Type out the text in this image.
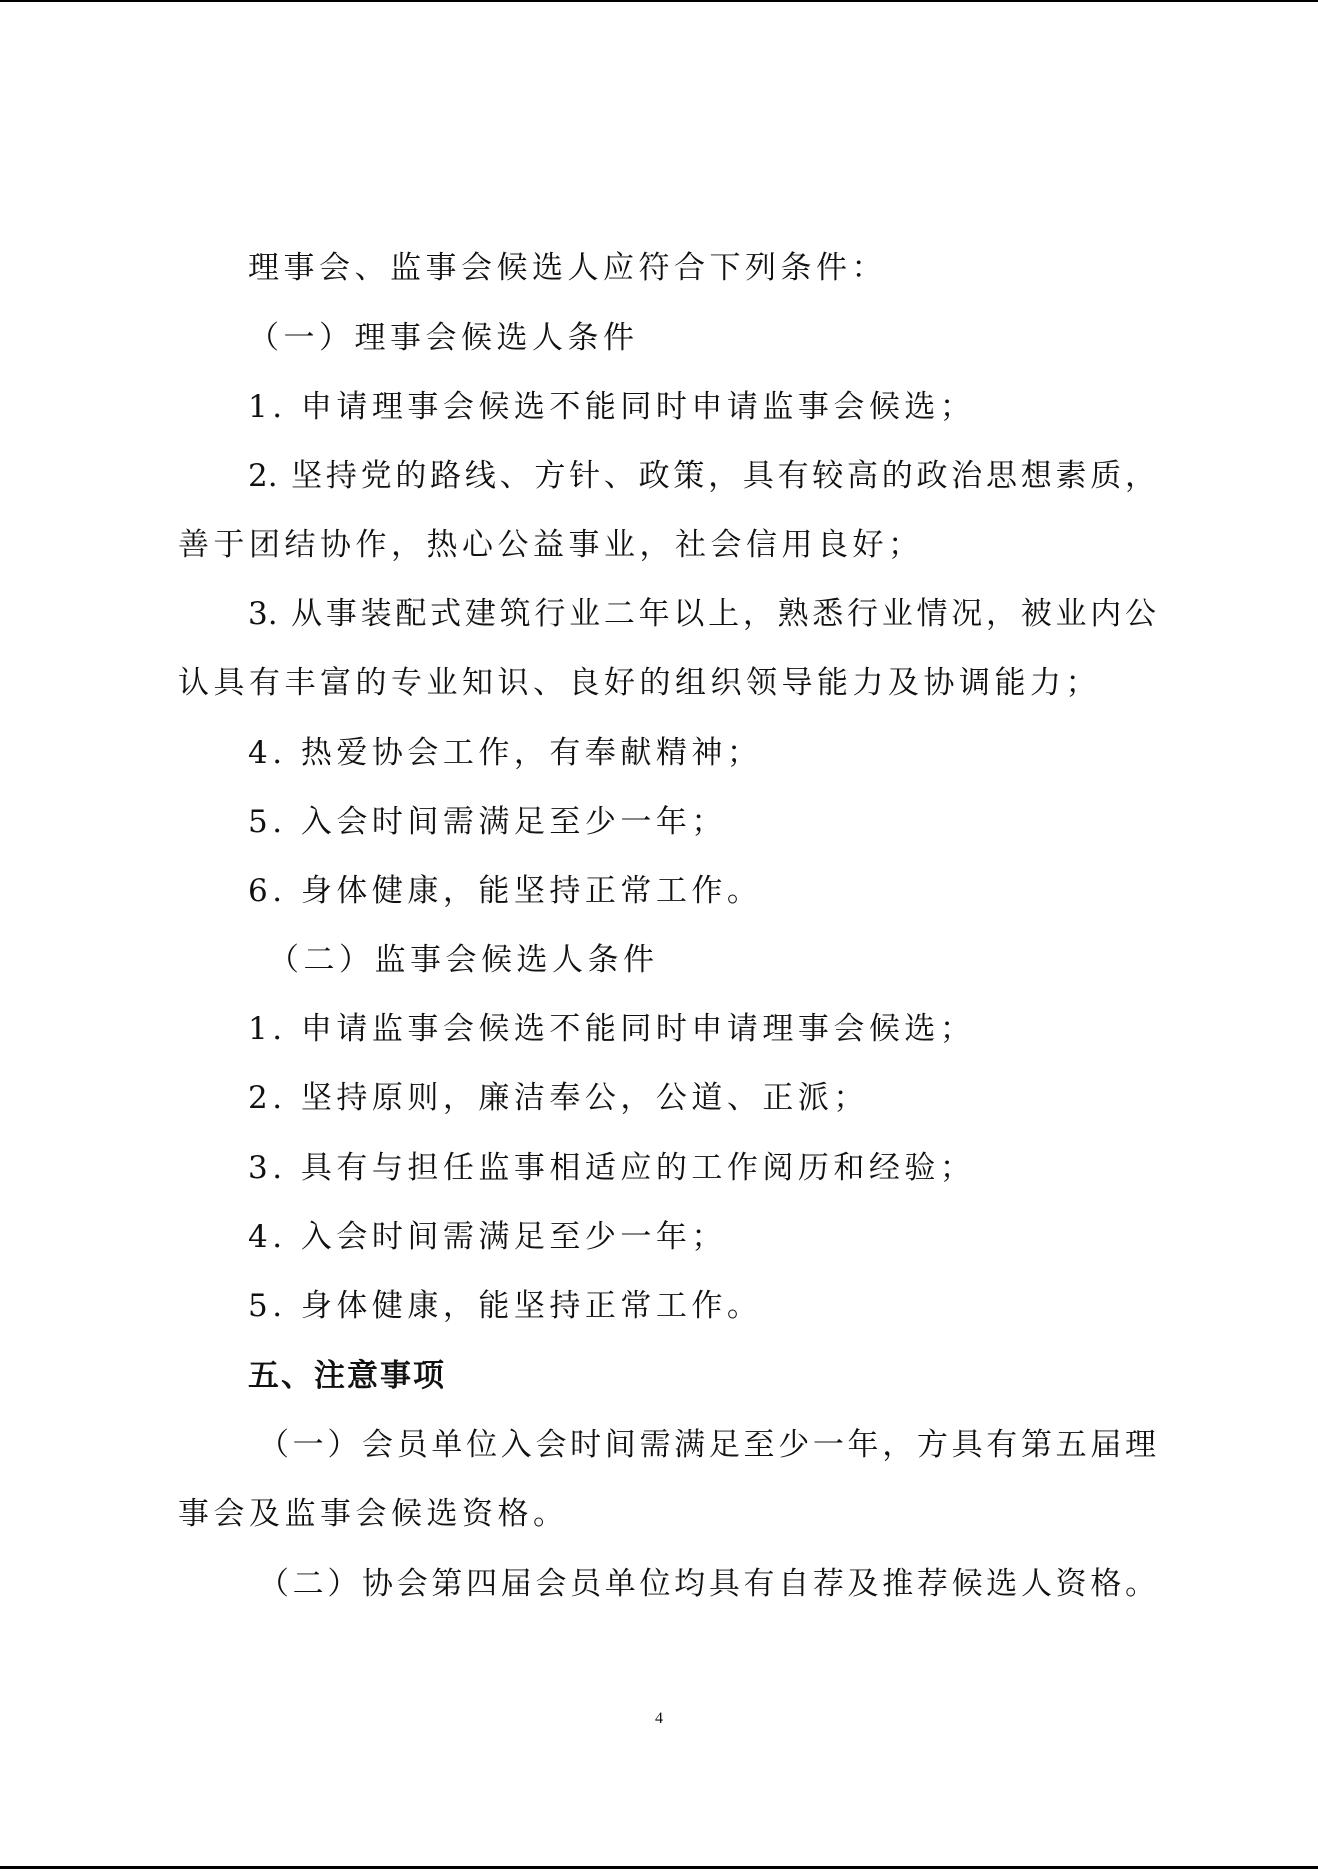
理事会、监事会候选人应符合下列条件：
（一）理事会候选人条件
1. 申请理事会候选不能同时申请监事会候选；
2. 坚持党的路线、方针、政策，具有较高的政治思想素质，
善于团结协作，热心公益事业，社会信用良好；
3. 从事装配式建筑行业二年以上，熟悉行业情况，被业内公
认具有丰富的专业知识、良好的组织领导能力及协调能力；
4. 热爱协会工作，有奉献精神；
5. 入会时间需满足至少一年；
6. 身体健康，能坚持正常工作。
（二）监事会候选人条件
1. 申请监事会候选不能同时申请理事会候选；
2. 坚持原则，廉洁奉公，公道、正派；
3. 具有与担任监事相适应的工作阅历和经验；
4. 入会时间需满足至少一年；
5. 身体健康，能坚持正常工作。
五、注意事项
（一）会员单位入会时间需满足至少一年，方具有第五届理
事会及监事会候选资格。
（二）协会第四届会员单位均具有自荐及推荐候选人资格。
4
